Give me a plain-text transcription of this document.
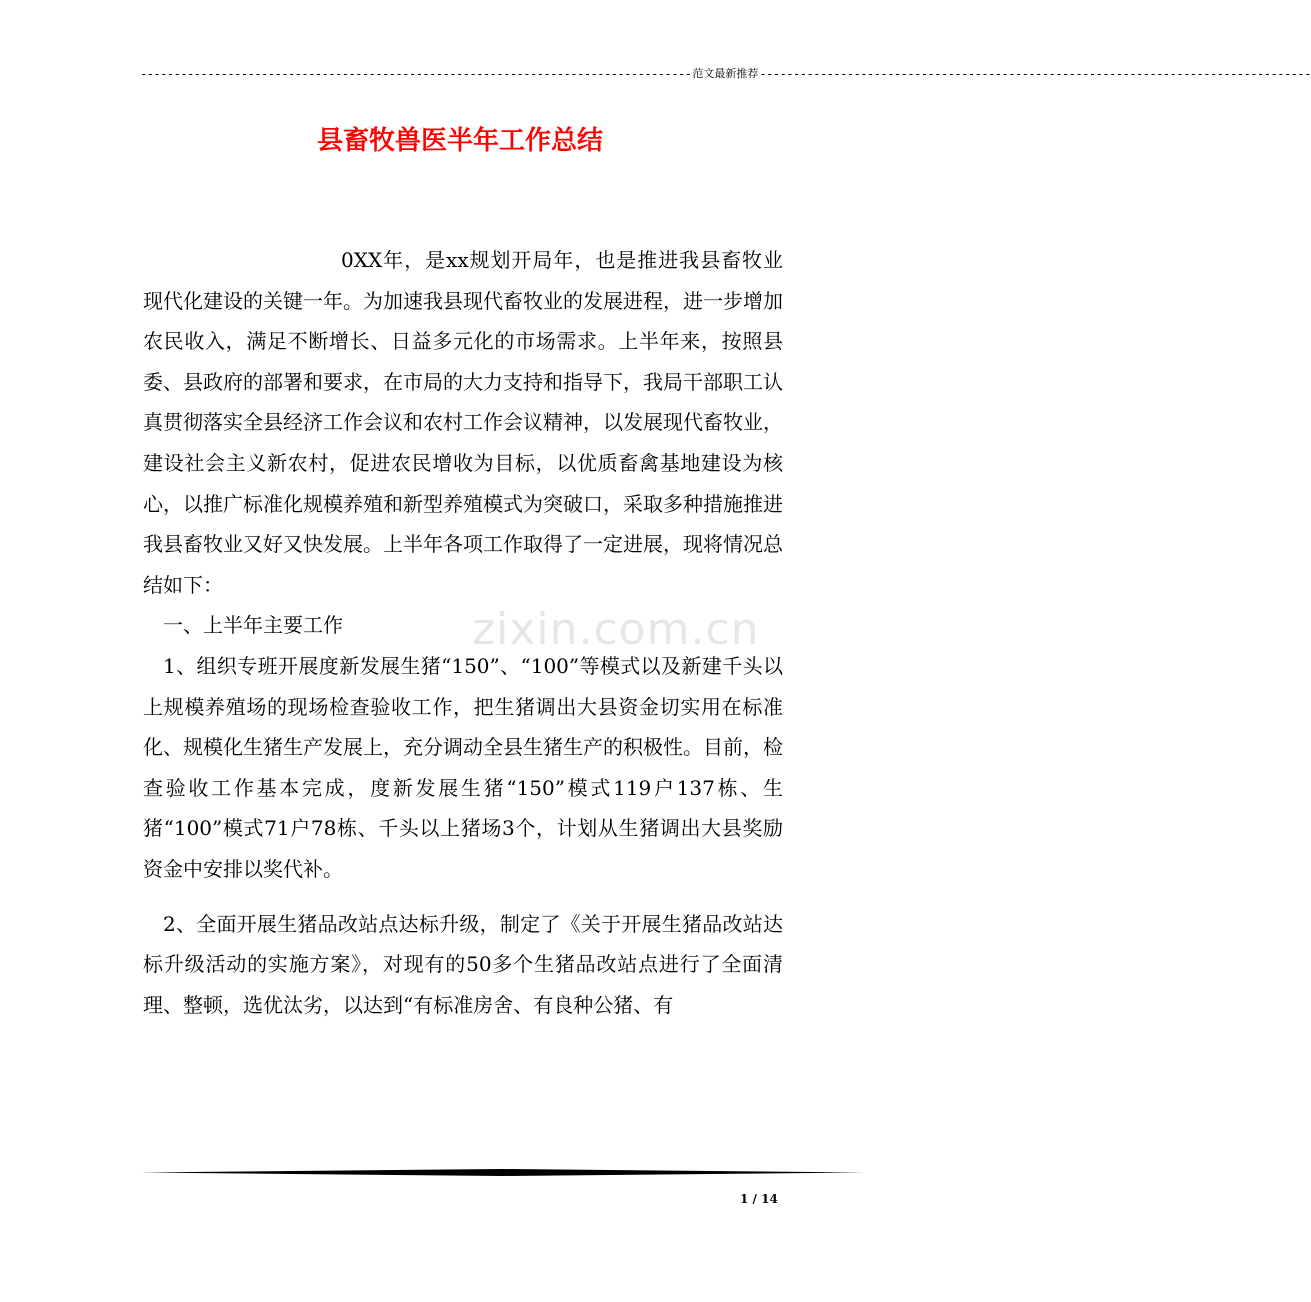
---------------------------------------------------------------------------------- 范文最新推荐 ----------------------------------------------------------------------------------
县畜牧兽医半年工作总结
zixin.com.cn

0XX年，是xx规划开局年，也是推进我县畜牧业现代化建设的关键一年。为加速我县现代畜牧业的发展进程，进一步增加农民收入，满足不断增长、日益多元化的市场需求。上半年来，按照县委、县政府的部署和要求，在市局的大力支持和指导下，我局干部职工认真贯彻落实全县经济工作会议和农村工作会议精神，以发展现代畜牧业，建设社会主义新农村，促进农民增收为目标，以优质畜禽基地建设为核心，以推广标准化规模养殖和新型养殖模式为突破口，采取多种措施推进我县畜牧业又好又快发展。上半年各项工作取得了一定进展，现将情况总结如下：

一、上半年主要工作

1、组织专班开展度新发展生猪“150”、“100”等模式以及新建千头以上规模养殖场的现场检查验收工作，把生猪调出大县资金切实用在标准化、规模化生猪生产发展上，充分调动全县生猪生产的积极性。目前，检查验收工作基本完成，度新发展生猪“150”模式119户137栋、生猪“100”模式71户78栋、千头以上猪场3个，计划从生猪调出大县奖励资金中安排以奖代补。

2、全面开展生猪品改站点达标升级，制定了《关于开展生猪品改站达标升级活动的实施方案》，对现有的50多个生猪品改站点进行了全面清理、整顿，选优汰劣，以达到“有标准房舍、有良种公猪、有

1 / 14
